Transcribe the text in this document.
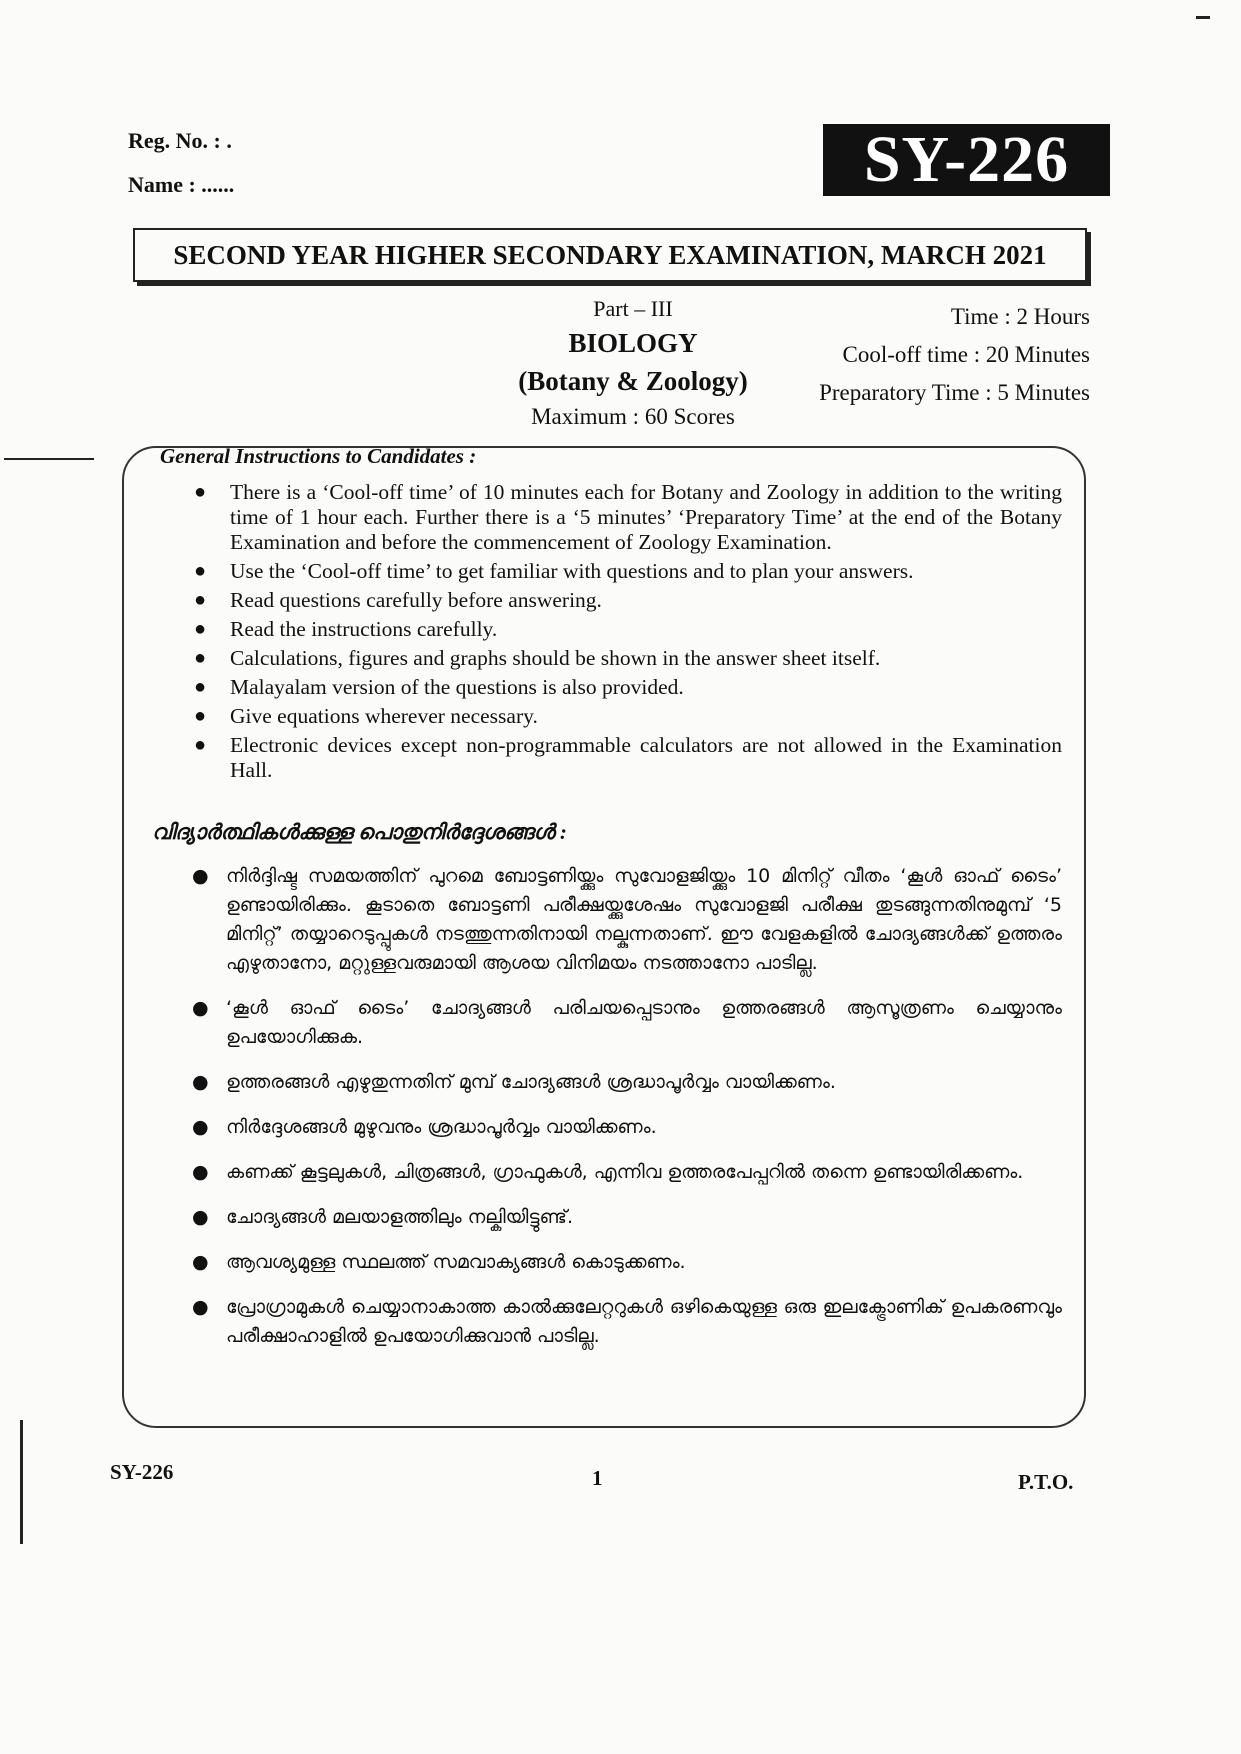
Reg. No. : .
Name : ......	SY-226
SECOND YEAR HIGHER SECONDARY EXAMINATION, MARCH 2021
Part – III
BIOLOGY
(Botany & Zoology)
Maximum : 60 Scores
Time : 2 Hours
Cool-off time : 20 Minutes
Preparatory Time : 5 Minutes
General Instructions to Candidates :
● There is a ‘Cool-off time’ of 10 minutes each for Botany and Zoology in addition to the writing time of 1 hour each. Further there is a ‘5 minutes’ ‘Preparatory Time’ at the end of the Botany Examination and before the commencement of Zoology Examination.
● Use the ‘Cool-off time’ to get familiar with questions and to plan your answers.
● Read questions carefully before answering.
● Read the instructions carefully.
● Calculations, figures and graphs should be shown in the answer sheet itself.
● Malayalam version of the questions is also provided.
● Give equations wherever necessary.
● Electronic devices except non-programmable calculators are not allowed in the Examination Hall.
വിദ്യാർത്ഥികൾക്കുള്ള പൊതുനിർദ്ദേശങ്ങൾ :
● നിർദ്ദിഷ്ട സമയത്തിന് പുറമെ ബോട്ടണിയ്ക്കും സുവോളജിയ്ക്കും 10 മിനിറ്റ് വീതം ‘കൂൾ ഓഫ് ടൈം’ ഉണ്ടായിരിക്കും. കൂടാതെ ബോട്ടണി പരീക്ഷയ്ക്കുശേഷം സുവോളജി പരീക്ഷ തുടങ്ങുന്നതിനുമുമ്പ് ‘5 മിനിറ്റ്’ തയ്യാറെടുപ്പുകൾ നടത്തുന്നതിനായി നല്കുന്നതാണ്. ഈ വേളകളിൽ ചോദ്യങ്ങൾക്ക് ഉത്തരം എഴുതാനോ, മറ്റുള്ളവരുമായി ആശയ വിനിമയം നടത്താനോ പാടില്ല.
● ‘കൂൾ ഓഫ് ടൈം’ ചോദ്യങ്ങൾ പരിചയപ്പെടാനും ഉത്തരങ്ങൾ ആസൂത്രണം ചെയ്യാനും ഉപയോഗിക്കുക.
● ഉത്തരങ്ങൾ എഴുതുന്നതിന് മുമ്പ് ചോദ്യങ്ങൾ ശ്രദ്ധാപൂർവ്വം വായിക്കണം.
● നിർദ്ദേശങ്ങൾ മുഴുവനും ശ്രദ്ധാപൂർവ്വം വായിക്കണം.
● കണക്ക് കൂട്ടലുകൾ, ചിത്രങ്ങൾ, ഗ്രാഫുകൾ, എന്നിവ ഉത്തരപേപ്പറിൽ തന്നെ ഉണ്ടായിരിക്കണം.
● ചോദ്യങ്ങൾ മലയാളത്തിലും നല്കിയിട്ടുണ്ട്.
● ആവശ്യമുള്ള സ്ഥലത്ത് സമവാക്യങ്ങൾ കൊടുക്കണം.
● പ്രോഗ്രാമുകൾ ചെയ്യാനാകാത്ത കാൽക്കുലേറ്ററുകൾ ഒഴികെയുള്ള ഒരു ഇലക്ട്രോണിക് ഉപകരണവും പരീക്ഷാഹാളിൽ ഉപയോഗിക്കുവാൻ പാടില്ല.
SY-226	1	P.T.O.
